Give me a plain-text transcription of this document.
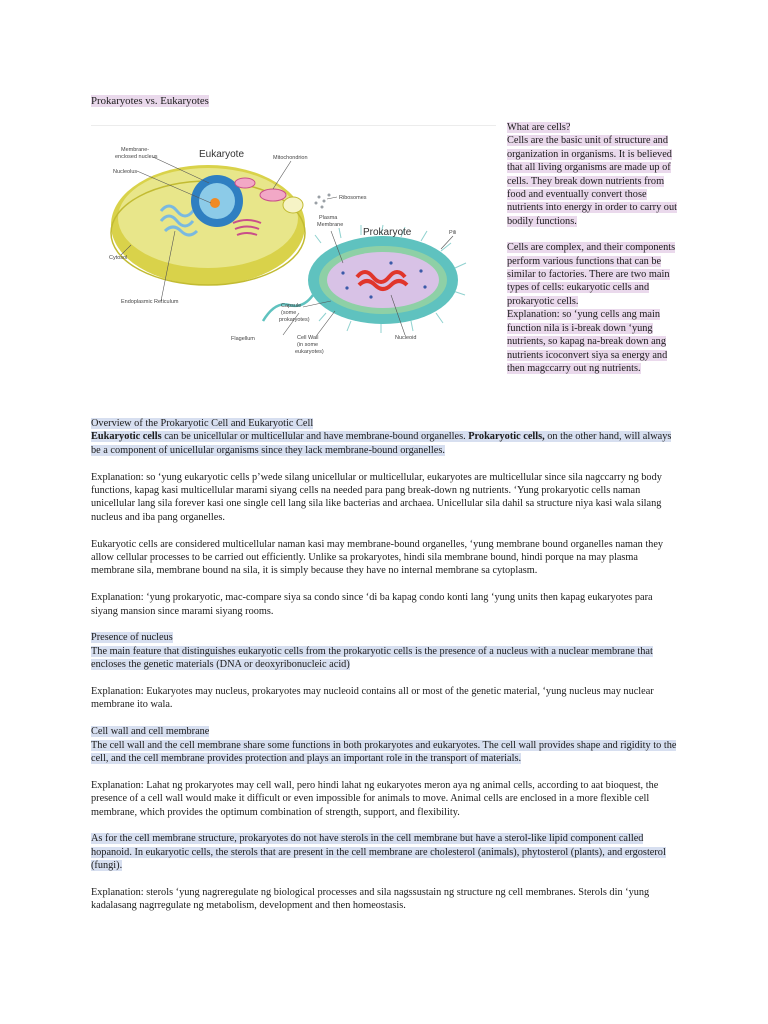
Prokaryotes vs. Eukaryotes
Eukaryote
Prokaryote
Membrane-
enclosed nucleus
Nucleolus
Mitochondrion
Ribosomes
Plasma
Membrane
Pili
Cytosol
Endoplasmic Reticulum
Capsule
(some
prokaryotes)
Flagellum	Cell Wall
(in some
eukaryotes)
Nucleoid

What are cells?
Cells are the basic unit of structure and organization in organisms. It is believed that all living organisms are made up of cells. They break down nutrients from food and eventually convert those nutrients into energy in order to carry out bodily functions.

Cells are complex, and their components perform various functions that can be similar to factories. There are two main types of cells: eukaryotic cells and prokaryotic cells.
Explanation: so ‘yung cells ang main function nila is i-break down ‘yung nutrients, so kapag na-break down ang nutrients icoconvert siya sa energy and then magccarry out ng nutrients.

Overview of the Prokaryotic Cell and Eukaryotic Cell
Eukaryotic cells can be unicellular or multicellular and have membrane-bound organelles. Prokaryotic cells, on the other hand, will always be a component of unicellular organisms since they lack membrane-bound organelles.

Explanation: so ‘yung eukaryotic cells p’wede silang unicellular or multicellular, eukaryotes are multicellular since sila nagccarry ng body functions, kapag kasi multicellular marami siyang cells na needed para pang break-down ng nutrients. ‘Yung prokaryotic cells naman unicellular lang sila forever kasi one single cell lang sila like bacterias and archaea. Unicellular sila dahil sa structure niya kasi wala silang nucleus and iba pang organelles.

Eukaryotic cells are considered multicellular naman kasi may membrane-bound organelles, ‘yung membrane bound organelles naman they allow cellular processes to be carried out efficiently. Unlike sa prokaryotes, hindi sila membrane bound, hindi porque na may plasma membrane sila, membrane bound na sila, it is simply because they have no internal membrane sa cytoplasm.

Explanation: ‘yung prokaryotic, mac-compare siya sa condo since ‘di ba kapag condo konti lang ‘yung units then kapag eukaryotes para siyang mansion since marami siyang rooms.

Presence of nucleus
The main feature that distinguishes eukaryotic cells from the prokaryotic cells is the presence of a nucleus with a nuclear membrane that encloses the genetic materials (DNA or deoxyribonucleic acid)

Explanation: Eukaryotes may nucleus, prokaryotes may nucleoid contains all or most of the genetic material, ‘yung nucleus may nuclear membrane ito wala.

Cell wall and cell membrane
The cell wall and the cell membrane share some functions in both prokaryotes and eukaryotes. The cell wall provides shape and rigidity to the cell, and the cell membrane provides protection and plays an important role in the transport of materials.

Explanation: Lahat ng prokaryotes may cell wall, pero hindi lahat ng eukaryotes meron aya ng animal cells, according to aat bioquest, the presence of a cell wall would make it difficult or even impossible for animals to move. Animal cells are enclosed in a more flexible cell membrane, which provides the optimum combination of strength, support, and flexibility.

As for the cell membrane structure, prokaryotes do not have sterols in the cell membrane but have a sterol-like lipid component called hopanoid. In eukaryotic cells, the sterols that are present in the cell membrane are cholesterol (animals), phytosterol (plants), and ergosterol (fungi).

Explanation: sterols ‘yung nagreregulate ng biological processes and sila nagssustain ng structure ng cell membranes. Sterols din ‘yung kadalasang nagrregulate ng metabolism, development and then homeostasis.
